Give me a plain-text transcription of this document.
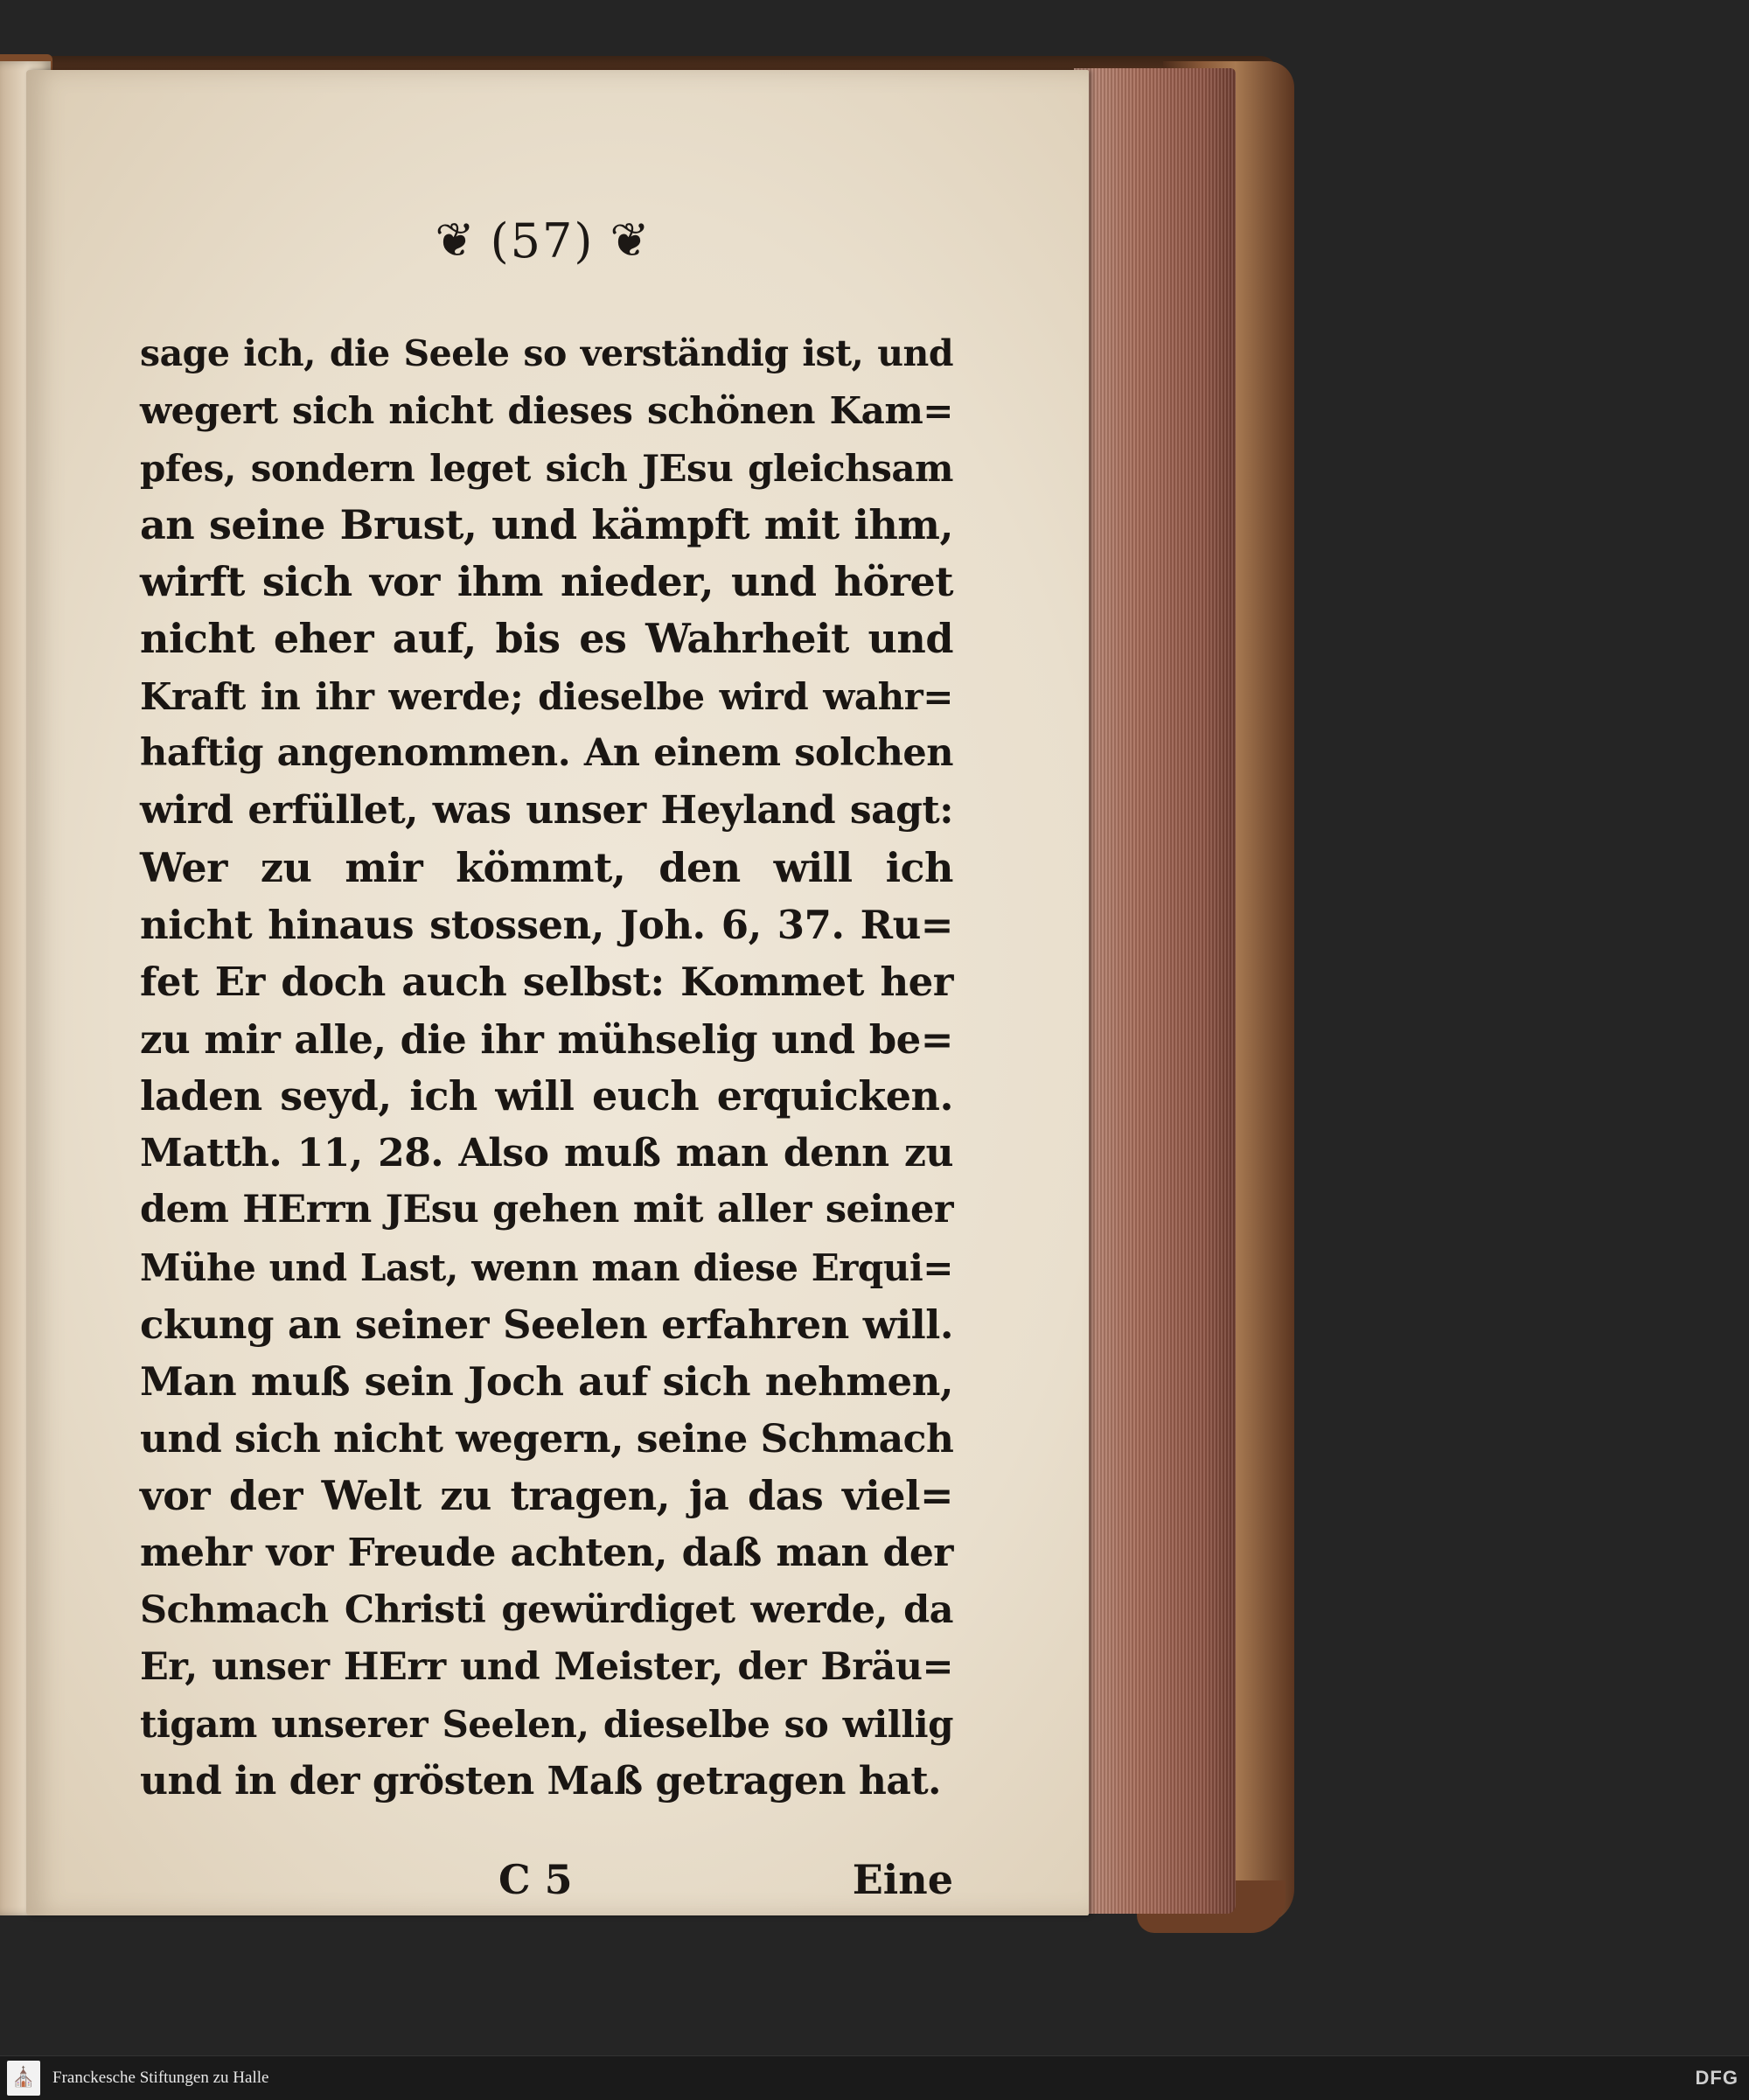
❦ (57) ❦
sage ich, die Seele so verständig ist, und
wegert sich nicht dieses schönen Kam=
pfes, sondern leget sich JEsu gleichsam
an seine Brust, und kämpft mit ihm,
wirft sich vor ihm nieder, und höret
nicht eher auf, bis es Wahrheit und
Kraft in ihr werde; dieselbe wird wahr=
haftig angenommen. An einem solchen
wird erfüllet, was unser Heyland sagt:
Wer zu mir kömmt, den will ich
nicht hinaus stossen, Joh. 6, 37. Ru=
fet Er doch auch selbst: Kommet her
zu mir alle, die ihr mühselig und be=
laden seyd, ich will euch erquicken.
Matth. 11, 28. Also muß man denn zu
dem HErrn JEsu gehen mit aller seiner
Mühe und Last, wenn man diese Erqui=
ckung an seiner Seelen erfahren will.
Man muß sein Joch auf sich nehmen,
und sich nicht wegern, seine Schmach
vor der Welt zu tragen, ja das viel=
mehr vor Freude achten, daß man der
Schmach Christi gewürdiget werde, da
Er, unser HErr und Meister, der Bräu=
tigam unserer Seelen, dieselbe so willig
und in der grösten Maß getragen hat.
C 5	Eine
⛪ Franckesche Stiftungen zu Halle	DFG
